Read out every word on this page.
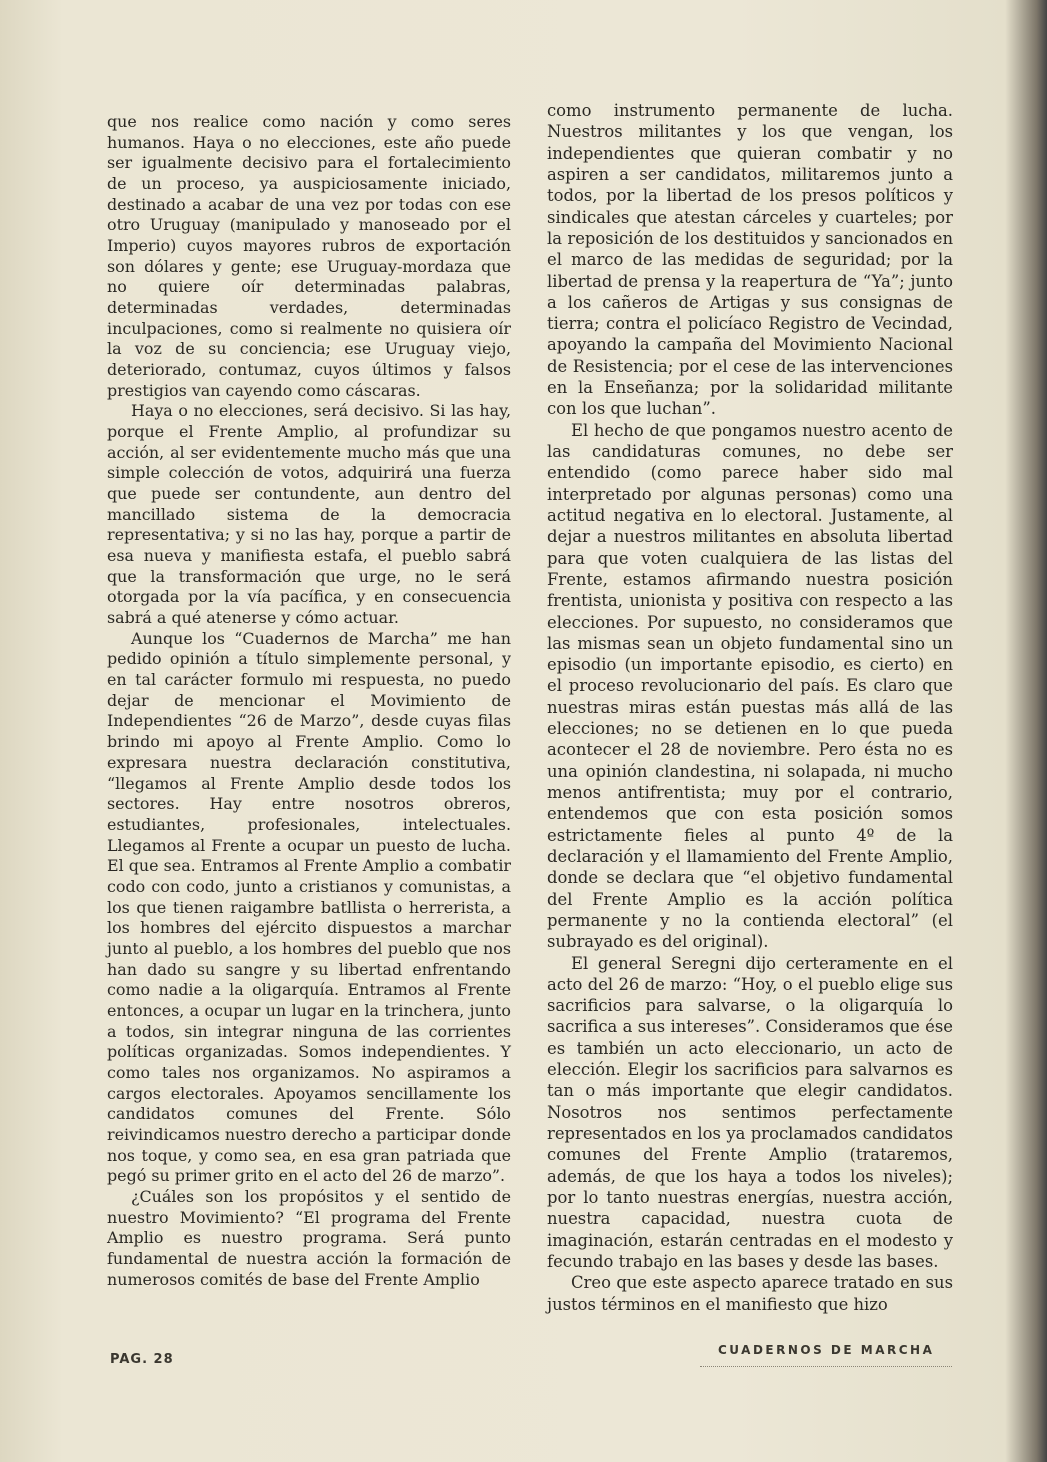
que nos realice como nación y como seres humanos. Haya o no elecciones, este año puede ser igualmente decisivo para el fortalecimiento de un proceso, ya auspiciosamente iniciado, destinado a acabar de una vez por todas con ese otro Uruguay (manipulado y manoseado por el Imperio) cuyos mayores rubros de exportación son dólares y gente; ese Uruguay-mordaza que no quiere oír determinadas palabras, determinadas verdades, determinadas inculpaciones, como si realmente no quisiera oír la voz de su conciencia; ese Uruguay viejo, deteriorado, contumaz, cuyos últimos y falsos prestigios van cayendo como cáscaras.

Haya o no elecciones, será decisivo. Si las hay, porque el Frente Amplio, al profundizar su acción, al ser evidentemente mucho más que una simple colección de votos, adquirirá una fuerza que puede ser contundente, aun dentro del mancillado sistema de la democracia representativa; y si no las hay, porque a partir de esa nueva y manifiesta estafa, el pueblo sabrá que la transformación que urge, no le será otorgada por la vía pacífica, y en consecuencia sabrá a qué atenerse y cómo actuar.

Aunque los “Cuadernos de Marcha” me han pedido opinión a título simplemente personal, y en tal carácter formulo mi respuesta, no puedo dejar de mencionar el Movimiento de Independientes “26 de Marzo”, desde cuyas filas brindo mi apoyo al Frente Amplio. Como lo expresara nuestra declaración constitutiva, “llegamos al Frente Amplio desde todos los sectores. Hay entre nosotros obreros, estudiantes, profesionales, intelectuales. Llegamos al Frente a ocupar un puesto de lucha. El que sea. Entramos al Frente Amplio a combatir codo con codo, junto a cristianos y comunistas, a los que tienen raigambre batllista o herrerista, a los hombres del ejército dispuestos a marchar junto al pueblo, a los hombres del pueblo que nos han dado su sangre y su libertad enfrentando como nadie a la oligarquía. Entramos al Frente entonces, a ocupar un lugar en la trinchera, junto a todos, sin integrar ninguna de las corrientes políticas organizadas. Somos independientes. Y como tales nos organizamos. No aspiramos a cargos electorales. Apoyamos sencillamente los candidatos comunes del Frente. Sólo reivindicamos nuestro derecho a participar donde nos toque, y como sea, en esa gran patriada que pegó su primer grito en el acto del 26 de marzo”.

¿Cuáles son los propósitos y el sentido de nuestro Movimiento? “El programa del Frente Amplio es nuestro programa. Será punto fundamental de nuestra acción la formación de numerosos comités de base del Frente Amplio

como instrumento permanente de lucha. Nuestros militantes y los que vengan, los independientes que quieran combatir y no aspiren a ser candidatos, militaremos junto a todos, por la libertad de los presos políticos y sindicales que atestan cárceles y cuarteles; por la reposición de los destituidos y sancionados en el marco de las medidas de seguridad; por la libertad de prensa y la reapertura de “Ya”; junto a los cañeros de Artigas y sus consignas de tierra; contra el policíaco Registro de Vecindad, apoyando la campaña del Movimiento Nacional de Resistencia; por el cese de las intervenciones en la Enseñanza; por la solidaridad militante con los que luchan”.

El hecho de que pongamos nuestro acento de las candidaturas comunes, no debe ser entendido (como parece haber sido mal interpretado por algunas personas) como una actitud negativa en lo electoral. Justamente, al dejar a nuestros militantes en absoluta libertad para que voten cualquiera de las listas del Frente, estamos afirmando nuestra posición frentista, unionista y positiva con respecto a las elecciones. Por supuesto, no consideramos que las mismas sean un objeto fundamental sino un episodio (un importante episodio, es cierto) en el proceso revolucionario del país. Es claro que nuestras miras están puestas más allá de las elecciones; no se detienen en lo que pueda acontecer el 28 de noviembre. Pero ésta no es una opinión clandestina, ni solapada, ni mucho menos antifrentista; muy por el contrario, entendemos que con esta posición somos estrictamente fieles al punto 4º de la declaración y el llamamiento del Frente Amplio, donde se declara que “el objetivo fundamental del Frente Amplio es la acción política permanente y no la contienda electoral” (el subrayado es del original).

El general Seregni dijo certeramente en el acto del 26 de marzo: “Hoy, o el pueblo elige sus sacrificios para salvarse, o la oligarquía lo sacrifica a sus intereses”. Consideramos que ése es también un acto eleccionario, un acto de elección. Elegir los sacrificios para salvarnos es tan o más importante que elegir candidatos. Nosotros nos sentimos perfectamente representados en los ya proclamados candidatos comunes del Frente Amplio (trataremos, además, de que los haya a todos los niveles); por lo tanto nuestras energías, nuestra acción, nuestra capacidad, nuestra cuota de imaginación, estarán centradas en el modesto y fecundo trabajo en las bases y desde las bases.

Creo que este aspecto aparece tratado en sus justos términos en el manifiesto que hizo

PAG. 28
CUADERNOS DE MARCHA
